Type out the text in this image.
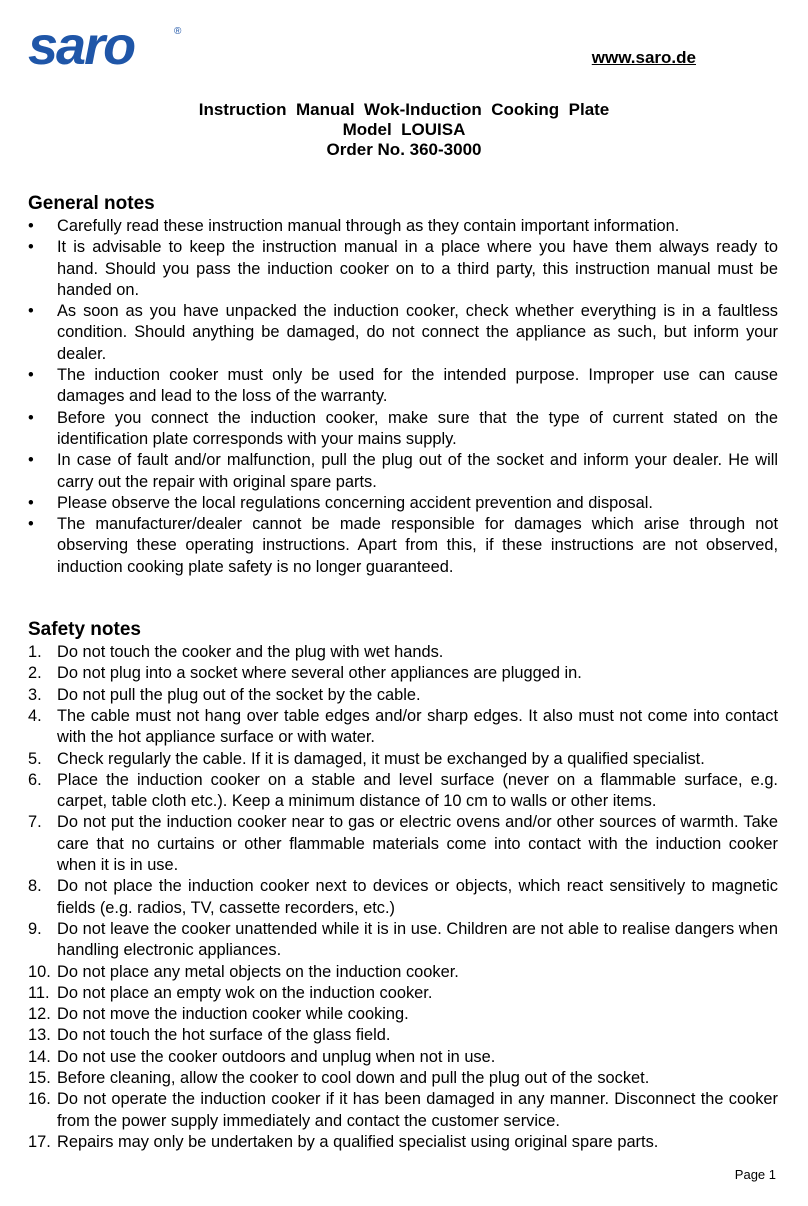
saro	®
www.saro.de
Instruction  Manual  Wok-Induction  Cooking  Plate
Model  LOUISA
Order No. 360-3000
General notes
• Carefully read these instruction manual through as they contain important information.
• It is advisable to keep the instruction manual in a place where you have them always ready to hand. Should you pass the induction cooker on to a third party, this instruction manual must be handed on.
• As soon as you have unpacked the induction cooker, check whether everything is in a faultless condition. Should anything be damaged, do not connect the appliance as such, but inform your dealer.
• The induction cooker must only be used for the intended purpose. Improper use can cause damages and lead to the loss of the warranty.
• Before you connect the induction cooker, make sure that the type of current stated on the identification plate corresponds with your mains supply.
• In case of fault and/or malfunction, pull the plug out of the socket and inform your dealer. He will carry out the repair with original spare parts.
• Please observe the local regulations concerning accident prevention and disposal.
• The manufacturer/dealer cannot be made responsible for damages which arise through not observing these operating instructions. Apart from this, if these instructions are not observed, induction cooking plate safety is no longer guaranteed.
Safety notes
1. Do not touch the cooker and the plug with wet hands.
2. Do not plug into a socket where several other appliances are plugged in.
3. Do not pull the plug out of the socket by the cable.
4. The cable must not hang over table edges and/or sharp edges. It also must not come into contact with the hot appliance surface or with water.
5. Check regularly the cable. If it is damaged, it must be exchanged by a qualified specialist.
6. Place the induction cooker on a stable and level surface (never on a flammable surface, e.g. carpet, table cloth etc.). Keep a minimum distance of 10 cm to walls or other items.
7. Do not put the induction cooker near to gas or electric ovens and/or other sources of warmth. Take care that no curtains or other flammable materials come into contact with the induction cooker when it is in use.
8. Do not place the induction cooker next to devices or objects, which react sensitively to magnetic fields (e.g. radios, TV, cassette recorders, etc.)
9. Do not leave the cooker unattended while it is in use. Children are not able to realise dangers when handling electronic appliances.
10. Do not place any metal objects on the induction cooker.
11. Do not place an empty wok on the induction cooker.
12. Do not move the induction cooker while cooking.
13. Do not touch the hot surface of the glass field.
14. Do not use the cooker outdoors and unplug when not in use.
15. Before cleaning, allow the cooker to cool down and pull the plug out of the socket.
16. Do not operate the induction cooker if it has been damaged in any manner. Disconnect the cooker from the power supply immediately and contact the customer service.
17. Repairs may only be undertaken by a qualified specialist using original spare parts.
Page 1
